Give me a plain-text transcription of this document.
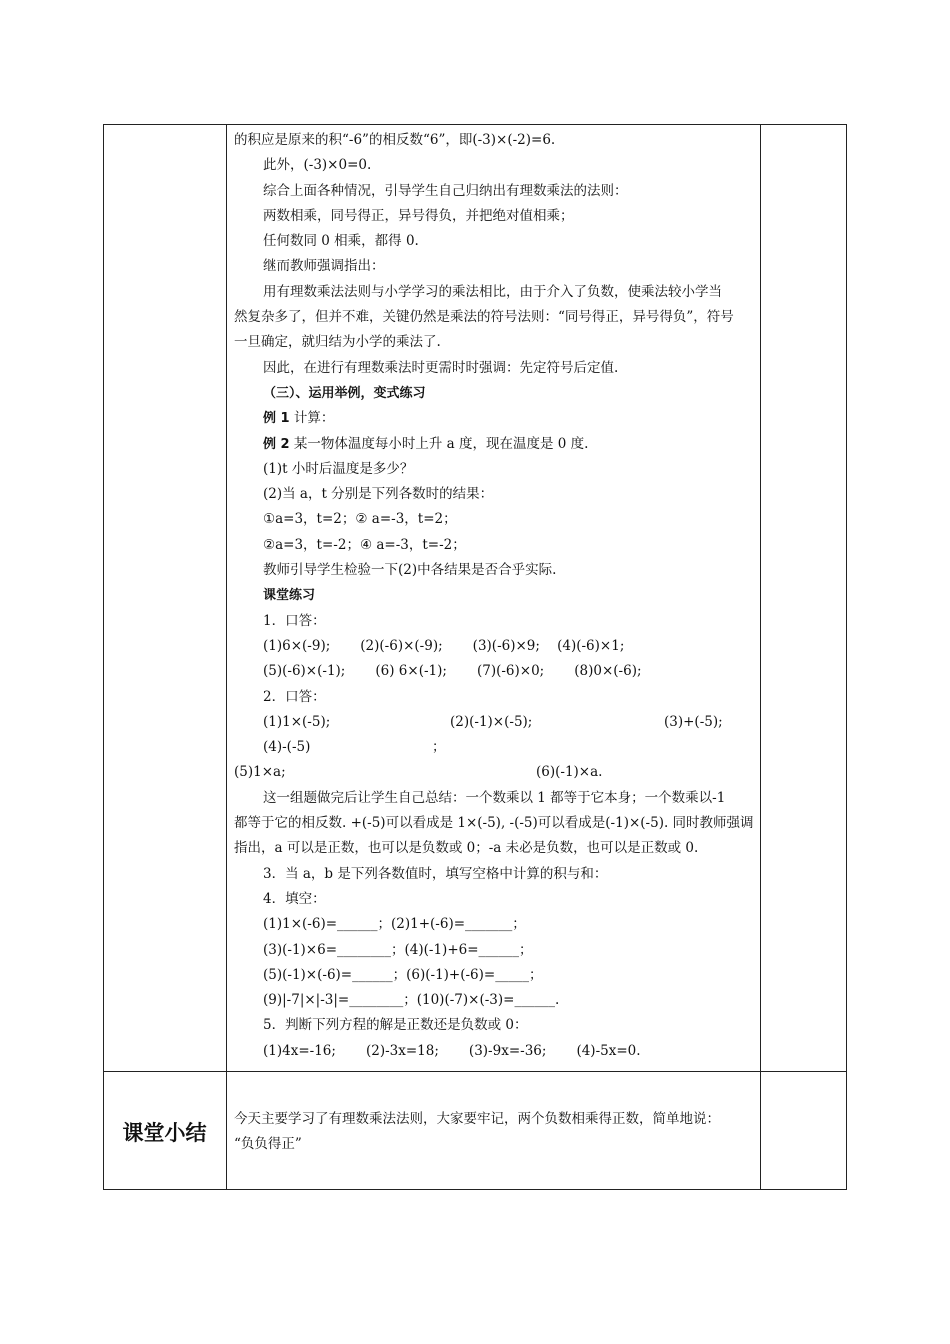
的积应是原来的积“-6”的相反数“6”，即(-3)×(-2)=6.
此外，(-3)×0=0.
综合上面各种情况，引导学生自己归纳出有理数乘法的法则：
两数相乘，同号得正，异号得负，并把绝对值相乘；
任何数同 0 相乘，都得 0.
继而教师强调指出：
用有理数乘法法则与小学学习的乘法相比，由于介入了负数，使乘法较小学当
然复杂多了，但并不难，关键仍然是乘法的符号法则：“同号得正，异号得负”，符号
一旦确定，就归结为小学的乘法了.
因此，在进行有理数乘法时更需时时强调：先定符号后定值.
（三）、运用举例，变式练习
例 1 计算：
例 2 某一物体温度每小时上升 a 度，现在温度是 0 度.
(1)t 小时后温度是多少？
(2)当 a，t 分别是下列各数时的结果：
①a=3，t=2；② a=-3，t=2；
②a=3，t=-2；④ a=-3，t=-2；
教师引导学生检验一下(2)中各结果是否合乎实际.
课堂练习
1．口答：
(1)6×(-9);       (2)(-6)×(-9);       (3)(-6)×9;    (4)(-6)×1;
(5)(-6)×(-1);       (6) 6×(-1);       (7)(-6)×0;       (8)0×(-6);
2．口答：
(1)1×(-5);	(2)(-1)×(-5);	(3)+(-5);
(4)-(-5)	；
(5)1×a;	(6)(-1)×a.
这一组题做完后让学生自己总结：一个数乘以 1 都等于它本身；一个数乘以-1
都等于它的相反数. +(-5)可以看成是 1×(-5), -(-5)可以看成是(-1)×(-5). 同时教师强调
指出，a 可以是正数，也可以是负数或 0；-a 未必是负数，也可以是正数或 0.
3．当 a，b 是下列各数值时，填写空格中计算的积与和：
4．填空：
(1)1×(-6)=______；(2)1+(-6)=_______；
(3)(-1)×6=________；(4)(-1)+6=______；
(5)(-1)×(-6)=______；(6)(-1)+(-6)=_____；
(9)|-7|×|-3|=________；(10)(-7)×(-3)=______.
5．判断下列方程的解是正数还是负数或 0：
(1)4x=-16;       (2)-3x=18;       (3)-9x=-36;       (4)-5x=0.
课堂小结
今天主要学习了有理数乘法法则，大家要牢记，两个负数相乘得正数，简单地说：
“负负得正”
